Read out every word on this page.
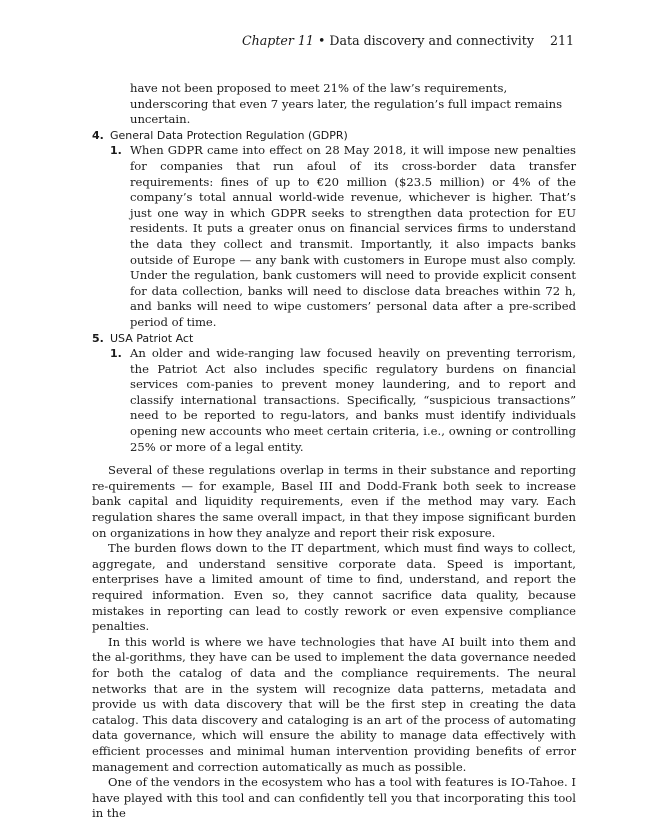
Chapter 11 • Data discovery and connectivity 211

have not been proposed to meet 21% of the law’s requirements, underscoring that even 7 years later, the regulation’s full impact remains uncertain.

4. General Data Protection Regulation (GDPR)
1. When GDPR came into effect on 28 May 2018, it will impose new penalties for companies that run afoul of its cross-border data transfer requirements: fines of up to €20 million ($23.5 million) or 4% of the company’s total annual world-wide revenue, whichever is higher. That’s just one way in which GDPR seeks to strengthen data protection for EU residents. It puts a greater onus on financial services firms to understand the data they collect and transmit. Importantly, it also impacts banks outside of Europe — any bank with customers in Europe must also comply. Under the regulation, bank customers will need to provide explicit consent for data collection, banks will need to disclose data breaches within 72 h, and banks will need to wipe customers’ personal data after a pre-scribed period of time.
5. USA Patriot Act
1. An older and wide-ranging law focused heavily on preventing terrorism, the Patriot Act also includes specific regulatory burdens on financial services com-panies to prevent money laundering, and to report and classify international transactions. Specifically, “suspicious transactions” need to be reported to regu-lators, and banks must identify individuals opening new accounts who meet certain criteria, i.e., owning or controlling 25% or more of a legal entity.

Several of these regulations overlap in terms in their substance and reporting re-quirements — for example, Basel III and Dodd-Frank both seek to increase bank capital and liquidity requirements, even if the method may vary. Each regulation shares the same overall impact, in that they impose significant burden on organizations in how they analyze and report their risk exposure.

The burden flows down to the IT department, which must find ways to collect, aggregate, and understand sensitive corporate data. Speed is important, enterprises have a limited amount of time to find, understand, and report the required information. Even so, they cannot sacrifice data quality, because mistakes in reporting can lead to costly rework or even expensive compliance penalties.

In this world is where we have technologies that have AI built into them and the al-gorithms, they have can be used to implement the data governance needed for both the catalog of data and the compliance requirements. The neural networks that are in the system will recognize data patterns, metadata and provide us with data discovery that will be the first step in creating the data catalog. This data discovery and cataloging is an art of the process of automating data governance, which will ensure the ability to manage data effectively with efficient processes and minimal human intervention providing benefits of error management and correction automatically as much as possible.

One of the vendors in the ecosystem who has a tool with features is IO-Tahoe. I have played with this tool and can confidently tell you that incorporating this tool in the
